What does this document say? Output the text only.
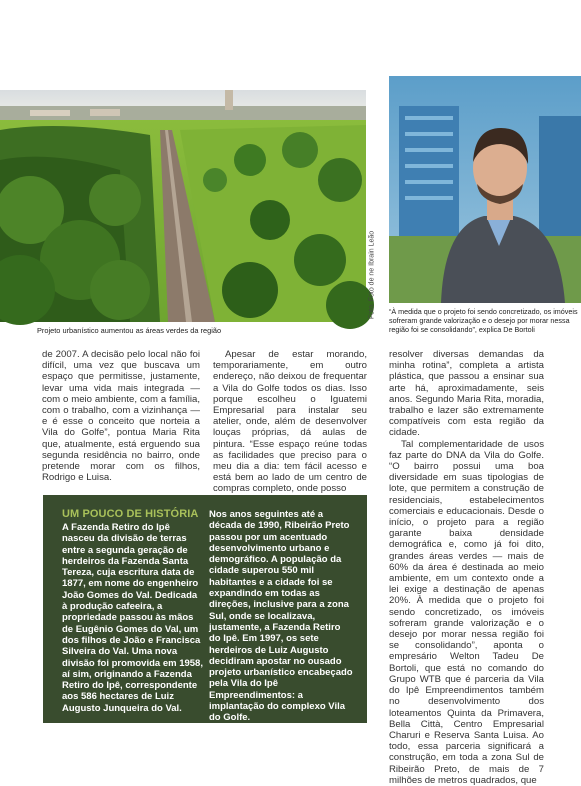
Foto: Foto de ne Ibrain Leão
Projeto urbanístico aumentou as áreas verdes da região
“À medida que o projeto foi sendo concretizado, os imóveis sofreram grande valorização e o desejo por morar nessa região foi se consolidando”, explica De Bortoli

de 2007. A decisão pelo local não foi difícil, uma vez que buscava um espaço que permitisse, justamente, levar uma vida mais integrada — com o meio ambiente, com a família, com o trabalho, com a vizinhança — e é esse o conceito que norteia a Vila do Golfe”, pontua Maria Rita que, atualmente, está erguendo sua segunda residência no bairro, onde pretende morar com os filhos, Rodrigo e Luisa.

Apesar de estar morando, temporariamente, em outro endereço, não deixou de frequentar a Vila do Golfe todos os dias. Isso porque escolheu o Iguatemi Empresarial para instalar seu atelier, onde, além de desenvolver louças próprias, dá aulas de pintura. “Esse espaço reúne todas as facilidades que preciso para o meu dia a dia: tem fácil acesso e está bem ao lado de um centro de compras completo, onde posso

resolver diversas demandas da minha rotina”, completa a artista plástica, que passou a ensinar sua arte há, aproximadamente, seis anos. Segundo Maria Rita, moradia, trabalho e lazer são extremamente compatíveis com esta região da cidade.

Tal complementaridade de usos faz parte do DNA da Vila do Golfe. “O bairro possui uma boa diversidade em suas tipologias de lote, que permitem a construção de residenciais, estabelecimentos comerciais e educacionais. Desde o início, o projeto para a região garante baixa densidade demográfica e, como já foi dito, grandes áreas verdes — mais de 60% da área é destinada ao meio ambiente, em um contexto onde a lei exige a destinação de apenas 20%. À medida que o projeto foi sendo concretizado, os imóveis sofreram grande valorização e o desejo por morar nessa região foi se consolidando”, aponta o empresário Welton Tadeu De Bortoli, que está no comando do Grupo WTB que é parceria da Vila do Ipê Empreendimentos também no desenvolvimento dos loteamentos Quinta da Primavera, Bella Città, Centro Empresarial Charuri e Reserva Santa Luisa. Ao todo, essa parceria significará a construção, em toda a zona Sul de Ribeirão Preto, de mais de 7 milhões de metros quadrados, que

UM POUCO DE HISTÓRIA
A Fazenda Retiro do Ipê nasceu da divisão de terras entre a segunda geração de herdeiros da Fazenda Santa Tereza, cuja escritura data de 1877, em nome do engenheiro João Gomes do Val. Dedicada à produção cafeeira, a propriedade passou às mãos de Eugênio Gomes do Val, um dos filhos de João e Francisca Silveira do Val. Uma nova divisão foi promovida em 1958, aí sim, originando a Fazenda Retiro do Ipê, correspondente aos 586 hectares de Luiz Augusto Junqueira do Val.
Nos anos seguintes até a década de 1990, Ribeirão Preto passou por um acentuado desenvolvimento urbano e demográfico. A população da cidade superou 550 mil habitantes e a cidade foi se expandindo em todas as direções, inclusive para a zona Sul, onde se localizava, justamente, a Fazenda Retiro do Ipê. Em 1997, os sete herdeiros de Luiz Augusto decidiram apostar no ousado projeto urbanístico encabeçado pela Vila do Ipê Empreendimentos: a implantação do complexo Vila do Golfe.
